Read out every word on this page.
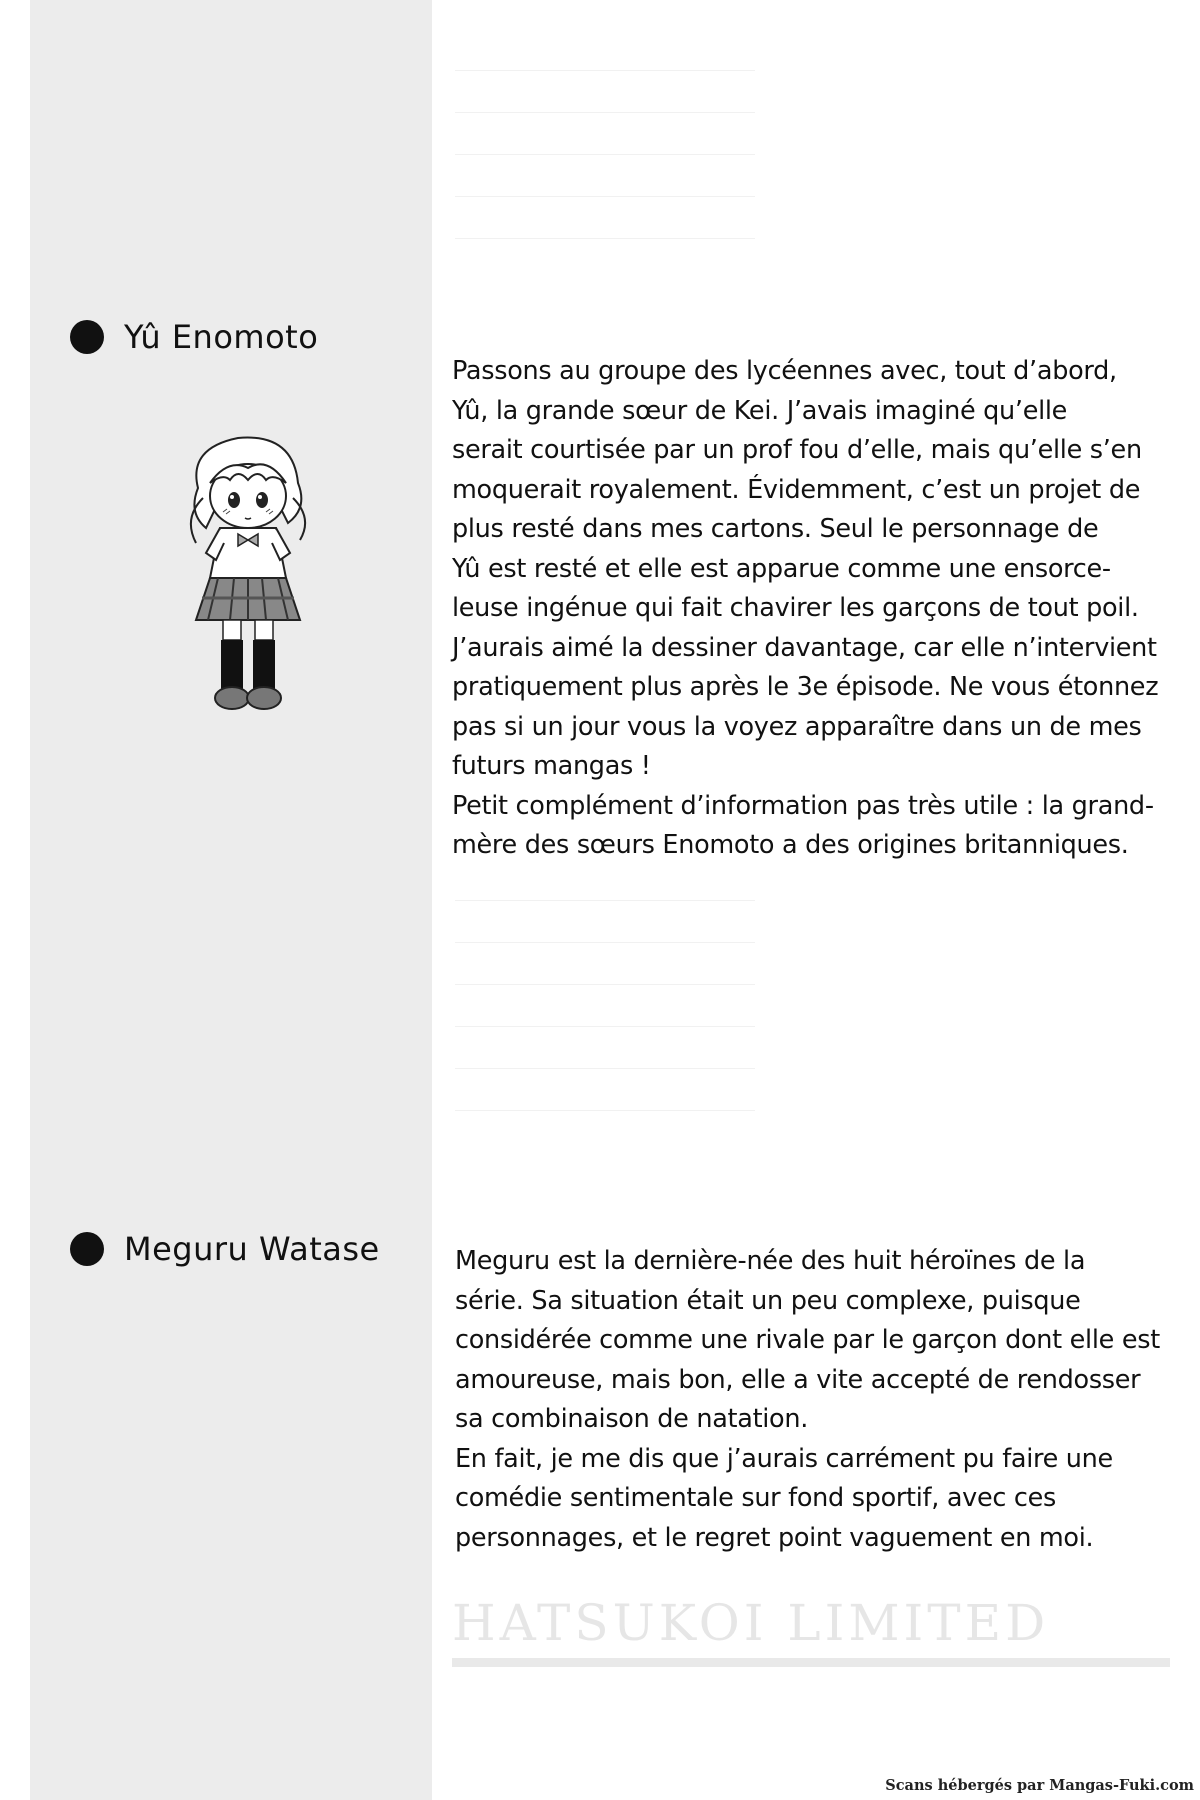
Yû Enomoto
Passons au groupe des lycéennes avec, tout d’abord,
Yû, la grande sœur de Kei. J’avais imaginé qu’elle
serait courtisée par un prof fou d’elle, mais qu’elle s’en
moquerait royalement. Évidemment, c’est un projet de
plus resté dans mes cartons. Seul le personnage de
Yû est resté et elle est apparue comme une ensorce-
leuse ingénue qui fait chavirer les garçons de tout poil.
J’aurais aimé la dessiner davantage, car elle n’intervient
pratiquement plus après le 3e épisode. Ne vous étonnez
pas si un jour vous la voyez apparaître dans un de mes
futurs mangas !
Petit complément d’information pas très utile : la grand-
mère des sœurs Enomoto a des origines britanniques.
Meguru Watase	Meguru est la dernière-née des huit héroïnes de la
série. Sa situation était un peu complexe, puisque
considérée comme une rivale par le garçon dont elle est
amoureuse, mais bon, elle a vite accepté de rendosser
sa combinaison de natation.
En fait, je me dis que j’aurais carrément pu faire une
comédie sentimentale sur fond sportif, avec ces
personnages, et le regret point vaguement en moi.
HATSUKOI LIMITED
Scans hébergés par Mangas-Fuki.com
